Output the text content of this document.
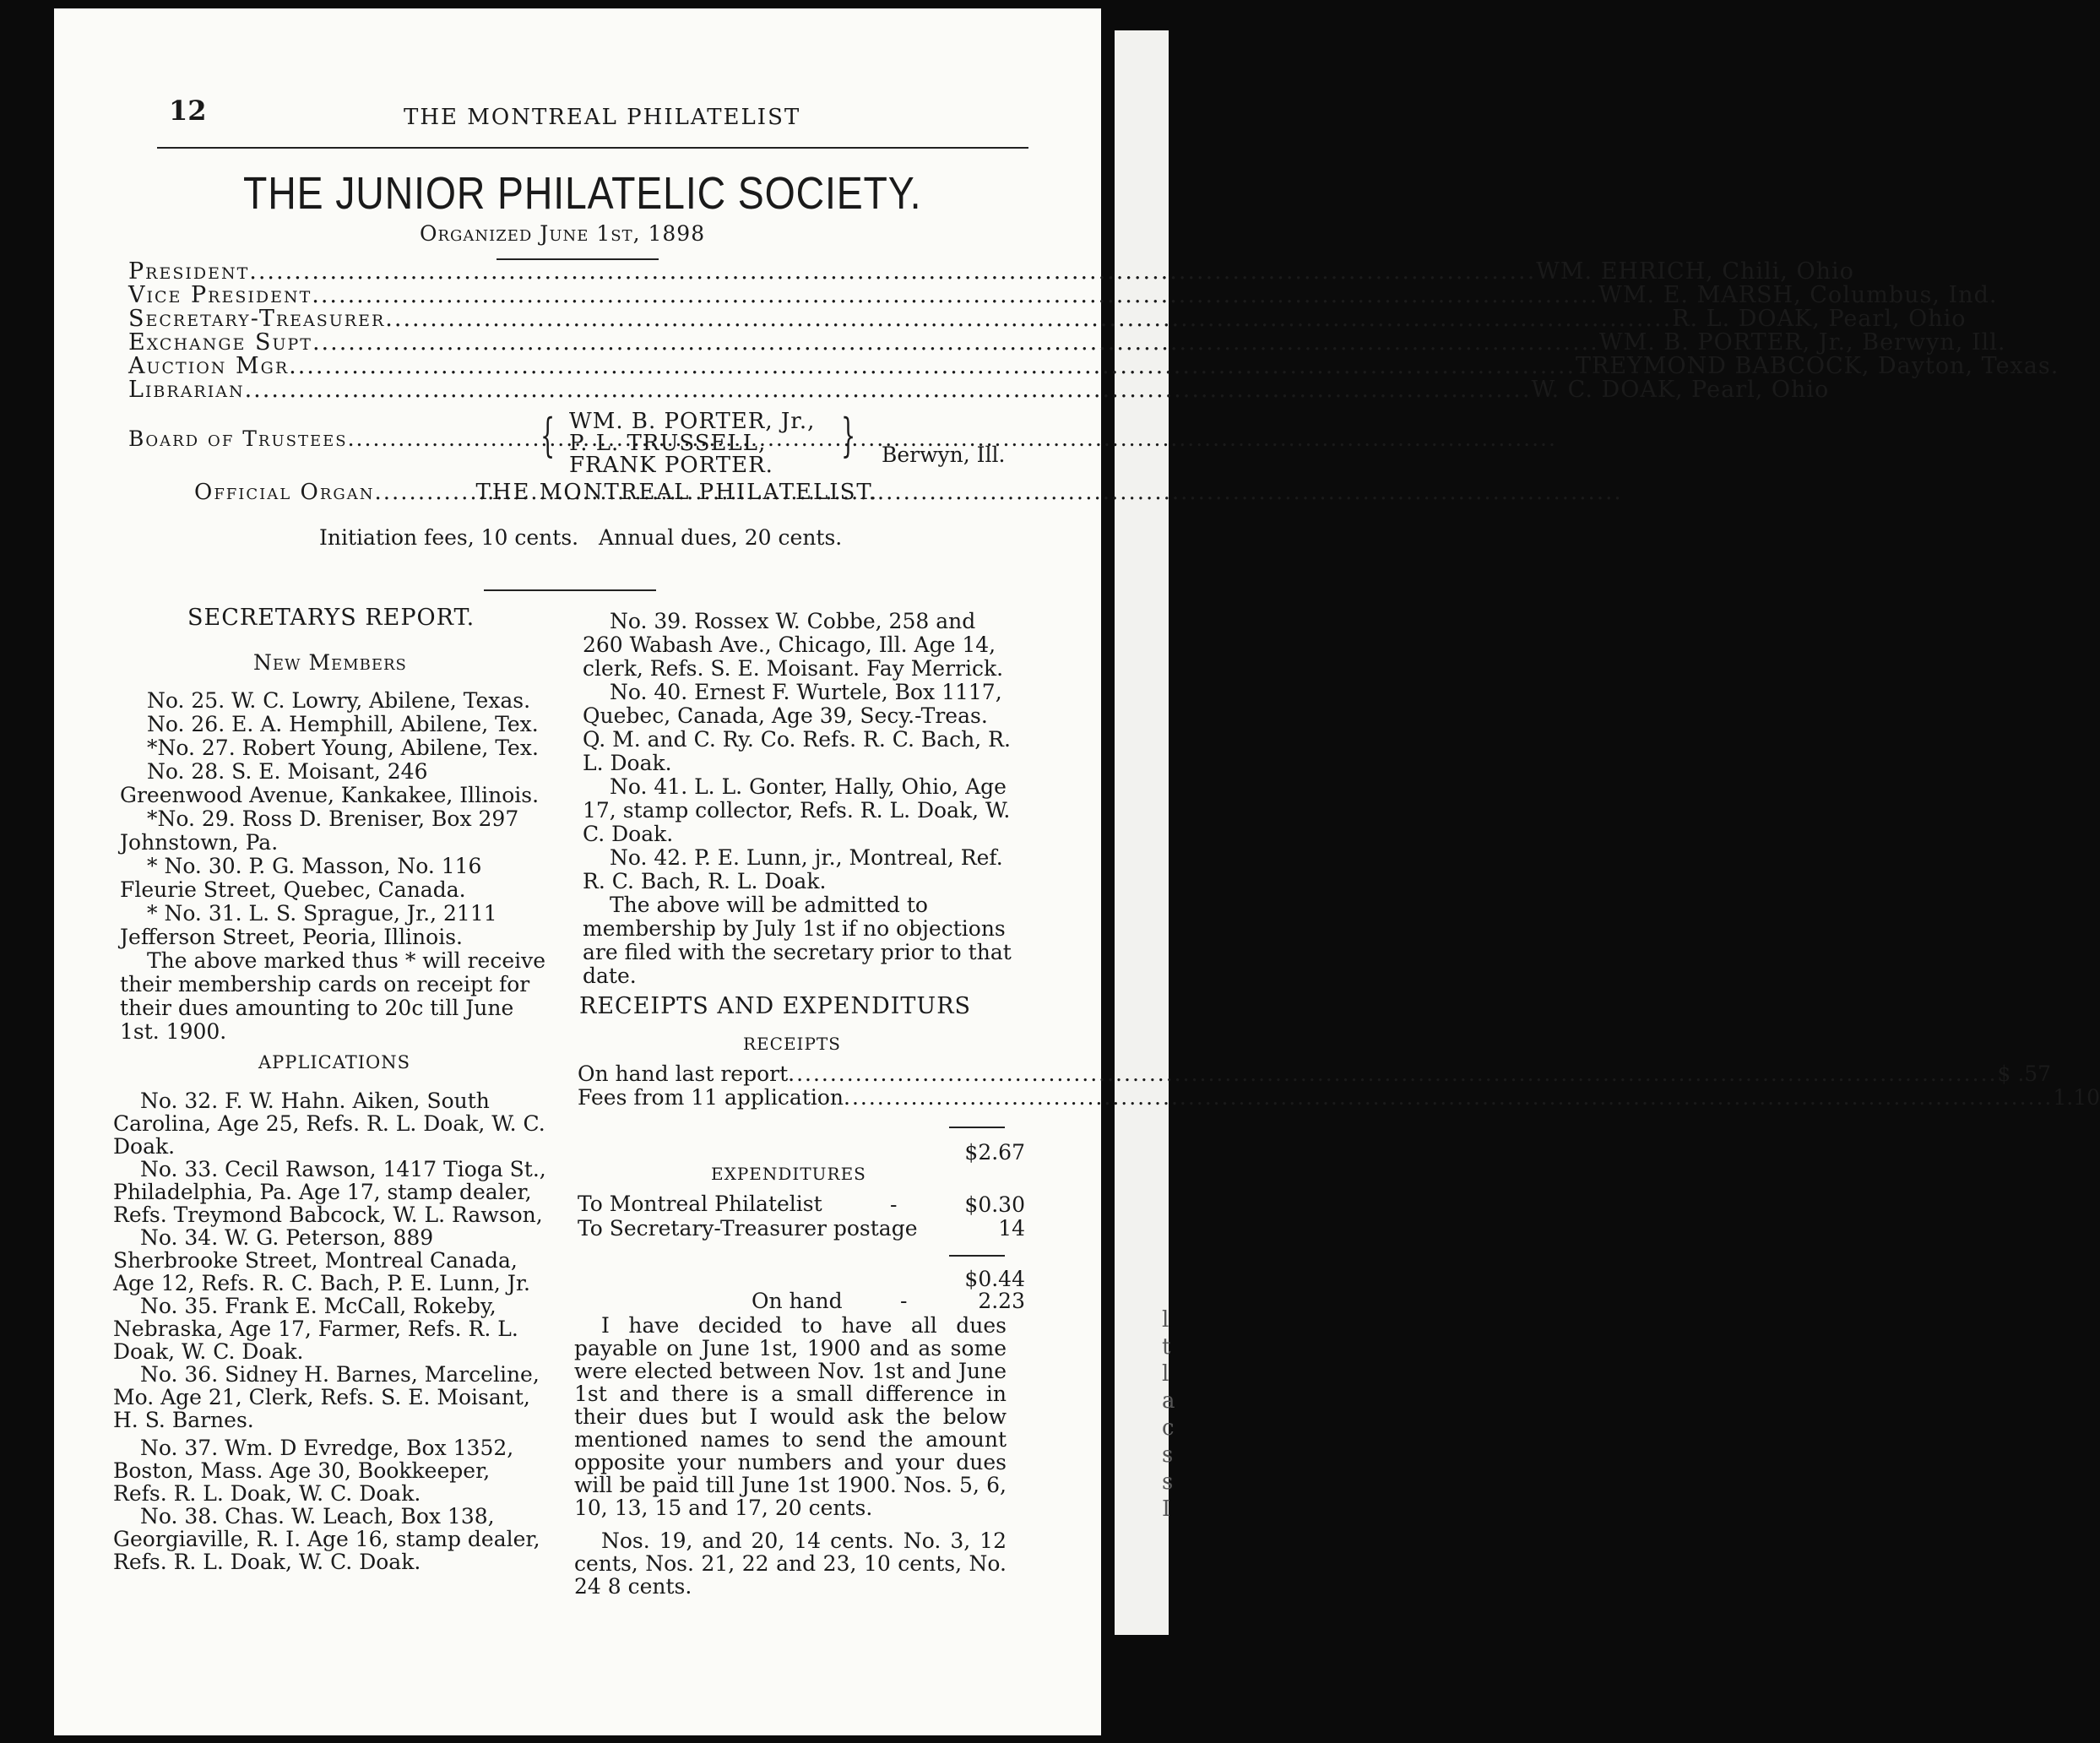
l
t
l
a
c
s
s
I
12	THE MONTREAL PHILATELIST
THE JUNIOR PHILATELIC SOCIETY.
Organized June 1st, 1898
President .....	WM. EHRICH, Chili, Ohio
Vice President .....	WM. E. MARSH, Columbus, Ind.
Secretary-Treasurer .....	R. L. DOAK, Pearl, Ohio
Exchange Supt .....	WM. B. PORTER, Jr., Berwyn, Ill.
Auction Mgr .....	TREYMOND BABCOCK, Dayton, Texas.
Librarian .....	W. C. DOAK, Pearl, Ohio
Board of Trustees .....	{ WM. B. PORTER, Jr.,
P. L. TRUSSELL,
FRANK PORTER.
} Berwyn, Ill.
Official Organ .....	THE MONTREAL PHILATELIST.
Initiation fees, 10 cents.   Annual dues, 20 cents.
SECRETARYS REPORT.
New Members

No. 25. W. C. Lowry, Abilene, Texas.

No. 26. E. A. Hemphill, Abilene, Tex.

*No. 27. Robert Young, Abilene, Tex.

No. 28. S. E. Moisant, 246 Greenwood Avenue, Kankakee, Illinois.

*No. 29. Ross D. Breniser, Box 297 Johnstown, Pa.

* No. 30. P. G. Masson, No. 116 Fleurie Street, Quebec, Canada.

* No. 31. L. S. Sprague, Jr., 2111 Jefferson Street, Peoria, Illinois.

The above marked thus * will receive their membership cards on receipt for their dues amounting to 20c till June 1st. 1900.

APPLICATIONS

No. 32. F. W. Hahn. Aiken, South Carolina, Age 25, Refs. R. L. Doak, W. C. Doak.

No. 33. Cecil Rawson, 1417 Tioga St., Philadelphia, Pa. Age 17, stamp dealer, Refs. Treymond Babcock, W. L. Rawson,

No. 34. W. G. Peterson, 889 Sherbrooke Street, Montreal Canada, Age 12, Refs. R. C. Bach, P. E. Lunn, Jr.

No. 35. Frank E. McCall, Rokeby, Nebraska, Age 17, Farmer, Refs. R. L. Doak, W. C. Doak.

No. 36. Sidney H. Barnes, Marceline, Mo. Age 21, Clerk, Refs. S. E. Moisant, H. S. Barnes.

No. 37. Wm. D Evredge, Box 1352, Boston, Mass. Age 30, Bookkeeper, Refs. R. L. Doak, W. C. Doak.

No. 38. Chas. W. Leach, Box 138, Georgiaville, R. I. Age 16, stamp dealer, Refs. R. L. Doak, W. C. Doak.

No. 39. Rossex W. Cobbe, 258 and 260 Wabash Ave., Chicago, Ill. Age 14, clerk, Refs. S. E. Moisant. Fay Merrick.

No. 40. Ernest F. Wurtele, Box 1117, Quebec, Canada, Age 39, Secy.-Treas. Q. M. and C. Ry. Co. Refs. R. C. Bach, R. L. Doak.

No. 41. L. L. Gonter, Hally, Ohio, Age 17, stamp collector, Refs. R. L. Doak, W. C. Doak.

No. 42. P. E. Lunn, jr., Montreal, Ref. R. C. Bach, R. L. Doak.

The above will be admitted to membership by July 1st if no objections are filed with the secretary prior to that date.

RECEIPTS AND EXPENDITURS
RECEIPTS
On hand last report .....	$ .57
Fees from 11 application .....	1.10
$2.67
EXPENDITURES
To Montreal Philatelist	-	$0.30
To Secretary-Treasurer postage	14
$0.44
On hand	-	2.23

I have decided to have all dues payable on June 1st, 1900 and as some were elected between Nov. 1st and June 1st and there is a small difference in their dues but I would ask the below mentioned names to send the amount opposite your numbers and your dues will be paid till June 1st 1900. Nos. 5, 6, 10, 13, 15 and 17, 20 cents.

Nos. 19, and 20, 14 cents. No. 3, 12 cents, Nos. 21, 22 and 23, 10 cents, No. 24 8 cents.
